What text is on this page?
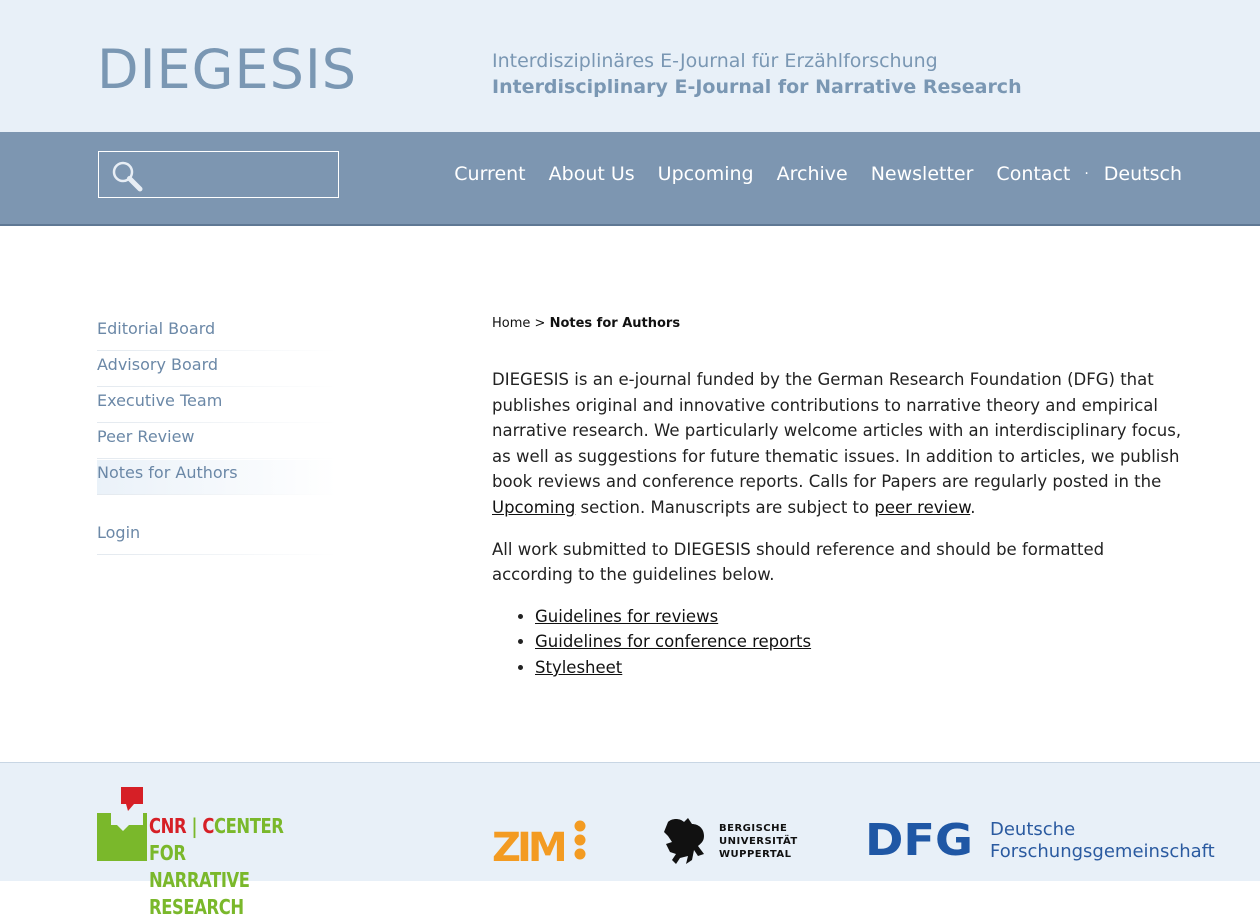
DIEGESIS	Interdisziplinäres E-Journal für Erzählforschung
Interdisciplinary E-Journal for Narrative Research
Current About Us Upcoming Archive Newsletter Contact · Deutsch
Editorial Board
Advisory Board
Executive Team
Peer Review
Notes for Authors
Login
Home > Notes for Authors

DIEGESIS is an e-journal funded by the German Research Foundation (DFG) that publishes original and innovative contributions to narrative theory and empirical narrative research. We particularly welcome articles with an interdisciplinary focus, as well as suggestions for future thematic issues. In addition to articles, we publish book reviews and conference reports. Calls for Papers are regularly posted in the Upcoming section. Manuscripts are subject to peer review.

All work submitted to DIEGESIS should reference and should be formatted according to the guidelines below.

• Guidelines for reviews
• Guidelines for conference reports
• Stylesheet
CNR | CCENTER FOR
NARRATIVE RESEARCH
ZIM	BERGISCHE
UNIVERSITÄT
WUPPERTAL DFG Deutsche
Forschungsgemeinschaft
